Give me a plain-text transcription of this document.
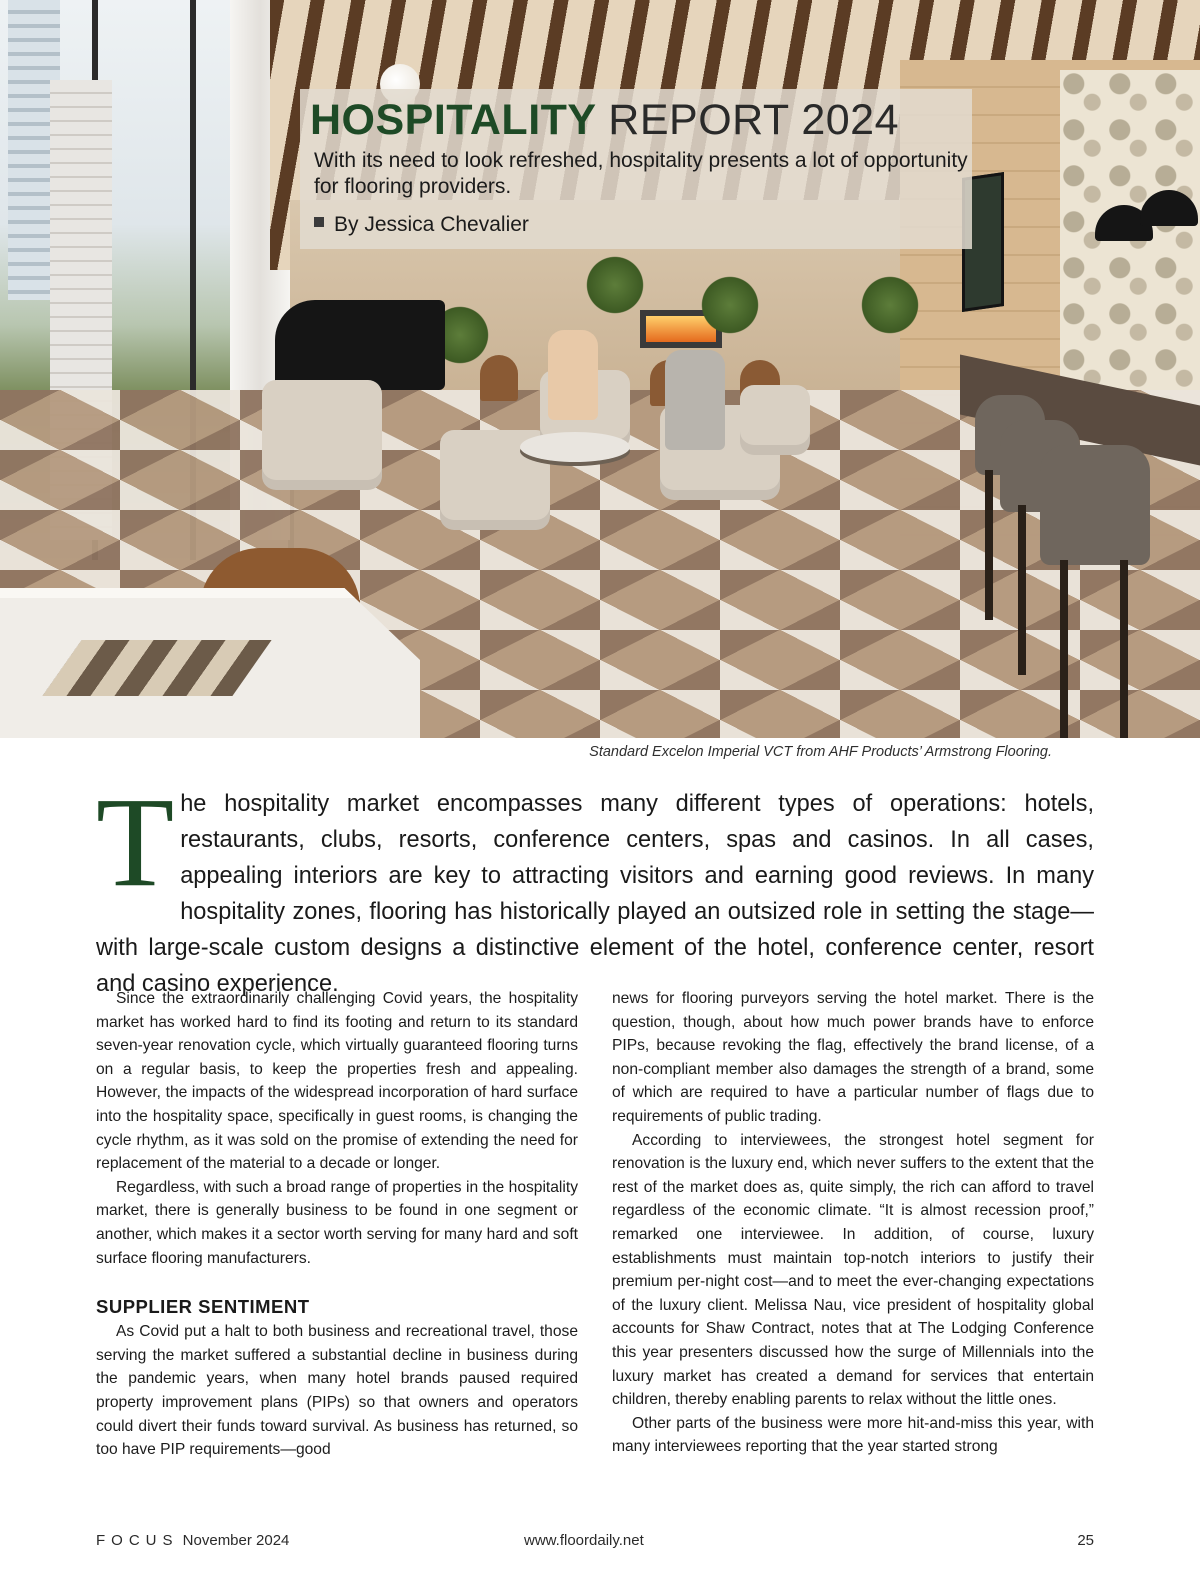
HOSPITALITY REPORT 2024

With its need to look refreshed, hospitality presents a lot of opportunity for flooring providers.

By Jessica Chevalier

Standard Excelon Imperial VCT from AHF Products’ Armstrong Flooring.

The hospitality market encompasses many different types of operations: hotels, restaurants, clubs, resorts, conference centers, spas and casinos. In all cases, appealing interiors are key to attracting visitors and earning good reviews. In many hospitality zones, flooring has historically played an outsized role in setting the stage—with large-scale custom designs a distinctive element of the hotel, conference center, resort and casino experience.

Since the extraordinarily challenging Covid years, the hospitality market has worked hard to find its footing and return to its standard seven-year renovation cycle, which virtually guaranteed flooring turns on a regular basis, to keep the properties fresh and appealing. However, the impacts of the widespread incorporation of hard surface into the hospitality space, specifically in guest rooms, is changing the cycle rhythm, as it was sold on the promise of extending the need for replacement of the material to a decade or longer.

Regardless, with such a broad range of properties in the hospitality market, there is generally business to be found in one segment or another, which makes it a sector worth serving for many hard and soft surface flooring manufacturers.

SUPPLIER SENTIMENT

As Covid put a halt to both business and recreational travel, those serving the market suffered a substantial decline in business during the pandemic years, when many hotel brands paused required property improvement plans (PIPs) so that owners and operators could divert their funds toward survival. As business has returned, so too have PIP requirements—good

news for flooring purveyors serving the hotel market. There is the question, though, about how much power brands have to enforce PIPs, because revoking the flag, effectively the brand license, of a non-compliant member also damages the strength of a brand, some of which are required to have a particular number of flags due to requirements of public trading.

According to interviewees, the strongest hotel segment for renovation is the luxury end, which never suffers to the extent that the rest of the market does as, quite simply, the rich can afford to travel regardless of the economic climate. “It is almost recession proof,” remarked one interviewee. In addition, of course, luxury establishments must maintain top-notch interiors to justify their premium per-night cost—and to meet the ever-changing expectations of the luxury client. Melissa Nau, vice president of hospitality global accounts for Shaw Contract, notes that at The Lodging Conference this year presenters discussed how the surge of Millennials into the luxury market has created a demand for services that entertain children, thereby enabling parents to relax without the little ones.

Other parts of the business were more hit-and-miss this year, with many interviewees reporting that the year started strong

FOCUS November 2024	www.floordaily.net	25
